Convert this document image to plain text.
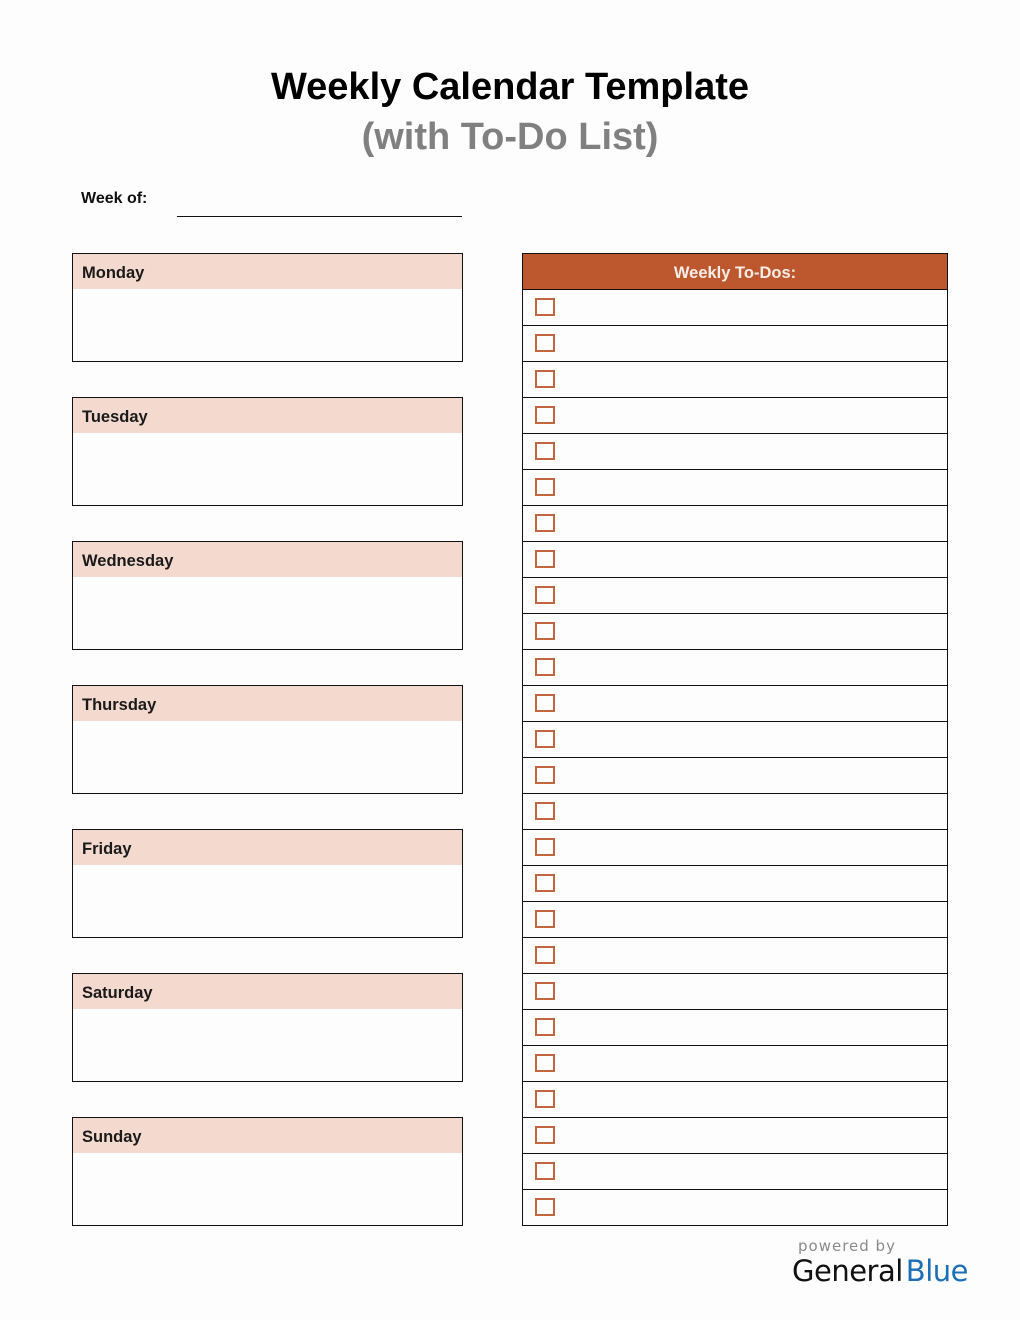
Weekly Calendar Template
(with To-Do List)
Week of:
Monday
Tuesday
Wednesday
Thursday
Friday
Saturday
Sunday
Weekly To-Dos:
powered by
General Blue
